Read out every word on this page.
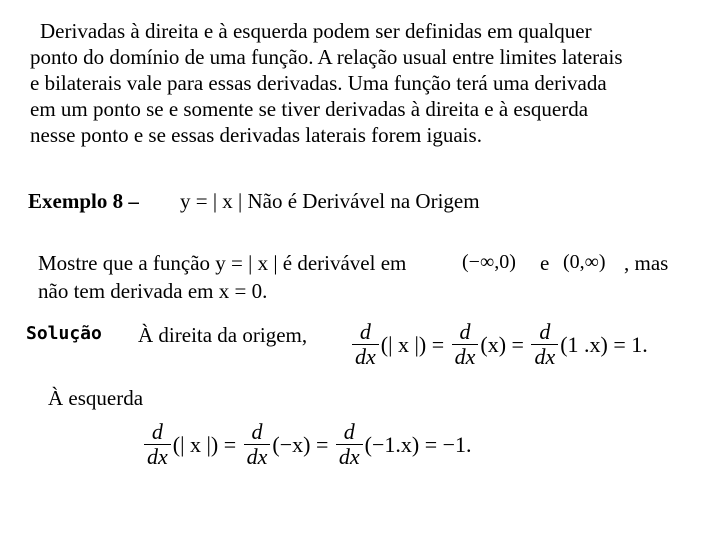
Derivadas à direita e à esquerda podem ser definidas em qualquer
ponto do domínio de uma função. A relação usual entre limites laterais
e bilaterais vale para essas derivadas. Uma função terá uma derivada
em um ponto se e somente se tiver derivadas à direita e à esquerda
nesse ponto e se essas derivadas laterais forem iguais.
Exemplo 8 – y = | x | Não é Derivável na Origem
Mostre que a função y = | x | é derivável em	(−∞,0) e (0,∞) , mas
não tem derivada em x = 0.
Solução À direita da origem, $\frac{d}{dx}$ (| x |) = $\frac{d}{dx} (x) = \frac{d}{dx} (1$ .x) = 1.
À esquerda
$\frac{d}{dx}$ (| x |) = $\frac{d}{dx} (-x) = \frac{d}{dx} (-1.x) = -1$.
